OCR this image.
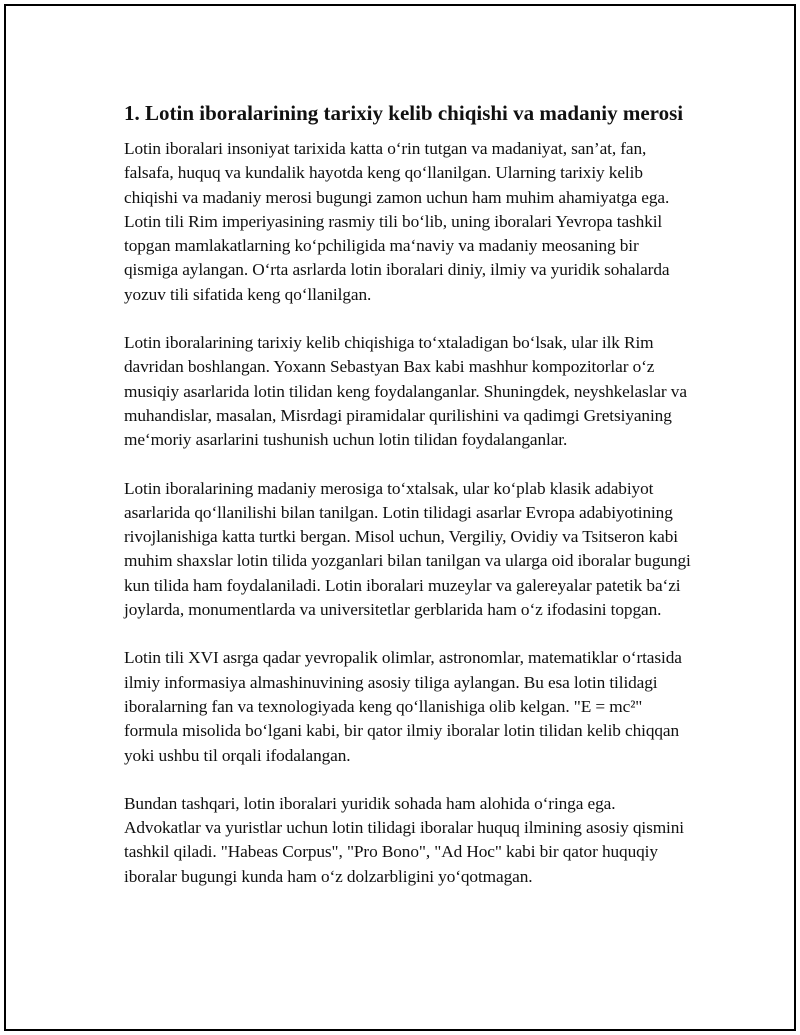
1. Lotin iboralarining tarixiy kelib chiqishi va madaniy merosi

Lotin iboralari insoniyat tarixida katta o‘rin tutgan va madaniyat, san’at, fan, falsafa, huquq va kundalik hayotda keng qo‘llanilgan. Ularning tarixiy kelib chiqishi va madaniy merosi bugungi zamon uchun ham muhim ahamiyatga ega. Lotin tili Rim imperiyasining rasmiy tili bo‘lib, uning iboralari Yevropa tashkil topgan mamlakatlarning ko‘pchiligida ma‘naviy va madaniy meosaning bir qismiga aylangan. O‘rta asrlarda lotin iboralari diniy, ilmiy va yuridik sohalarda yozuv tili sifatida keng qo‘llanilgan.

Lotin iboralarining tarixiy kelib chiqishiga to‘xtaladigan bo‘lsak, ular ilk Rim davridan boshlangan. Yoxann Sebastyan Bax kabi mashhur kompozitorlar o‘z musiqiy asarlarida lotin tilidan keng foydalanganlar. Shuningdek, neyshkelaslar va muhandislar, masalan, Misrdagi piramidalar qurilishini va qadimgi Gretsiyaning me‘moriy asarlarini tushunish uchun lotin tilidan foydalanganlar.

Lotin iboralarining madaniy merosiga to‘xtalsak, ular ko‘plab klasik adabiyot asarlarida qo‘llanilishi bilan tanilgan. Lotin tilidagi asarlar Evropa adabiyotining rivojlanishiga katta turtki bergan. Misol uchun, Vergiliy, Ovidiy va Tsitseron kabi muhim shaxslar lotin tilida yozganlari bilan tanilgan va ularga oid iboralar bugungi kun tilida ham foydalaniladi. Lotin iboralari muzeylar va galereyalar patetik ba‘zi joylarda, monumentlarda va universitetlar gerblarida ham o‘z ifodasini topgan.

Lotin tili XVI asrga qadar yevropalik olimlar, astronomlar, matematiklar o‘rtasida ilmiy informasiya almashinuvining asosiy tiliga aylangan. Bu esa lotin tilidagi iboralarning fan va texnologiyada keng qo‘llanishiga olib kelgan. "E = mc²" formula misolida bo‘lgani kabi, bir qator ilmiy iboralar lotin tilidan kelib chiqqan yoki ushbu til orqali ifodalangan.

Bundan tashqari, lotin iboralari yuridik sohada ham alohida o‘ringa ega. Advokatlar va yuristlar uchun lotin tilidagi iboralar huquq ilmining asosiy qismini tashkil qiladi. "Habeas Corpus", "Pro Bono", "Ad Hoc" kabi bir qator huquqiy iboralar bugungi kunda ham o‘z dolzarbligini yo‘qotmagan.
